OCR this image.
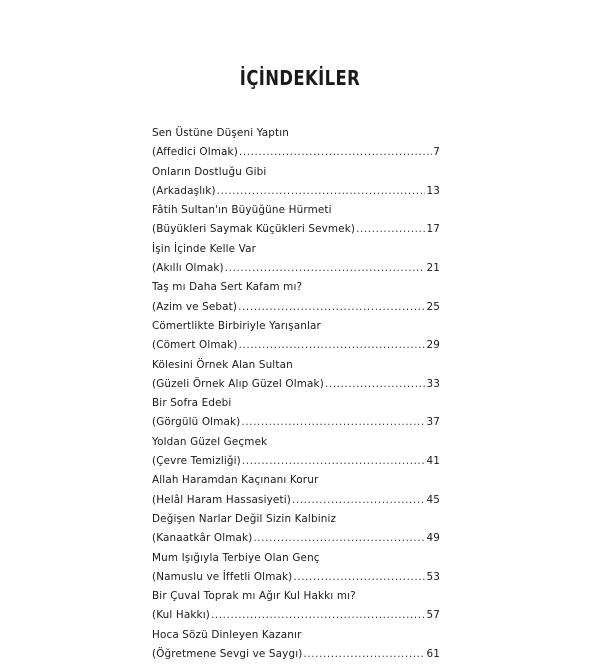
İÇİNDEKİLER
Sen Üstüne Düşeni Yaptın
(Affedici Olmak) .....	7
Onların Dostluğu Gibi
(Arkadaşlık) .....	13
Fâtih Sultan'ın Büyüğüne Hürmeti
(Büyükleri Saymak Küçükleri Sevmek) .....	17
İşin İçinde Kelle Var
(Akıllı Olmak) .....	21
Taş mı Daha Sert Kafam mı?
(Azim ve Sebat) .....	25
Cömertlikte Birbiriyle Yarışanlar
(Cömert Olmak) .....	29
Kölesini Örnek Alan Sultan
(Güzeli Örnek Alıp Güzel Olmak) .....	33
Bir Sofra Edebi
(Görgülü Olmak) .....	37
Yoldan Güzel Geçmek
(Çevre Temizliği) .....	41
Allah Haramdan Kaçınanı Korur
(Helâl Haram Hassasiyeti) .....	45
Değişen Narlar Değil Sizin Kalbiniz
(Kanaatkâr Olmak) .....	49
Mum Işığıyla Terbiye Olan Genç
(Namuslu ve İffetli Olmak) .....	53
Bir Çuval Toprak mı Ağır Kul Hakkı mı?
(Kul Hakkı) .....	57
Hoca Sözü Dinleyen Kazanır
(Öğretmene Sevgi ve Saygı) .....	61
